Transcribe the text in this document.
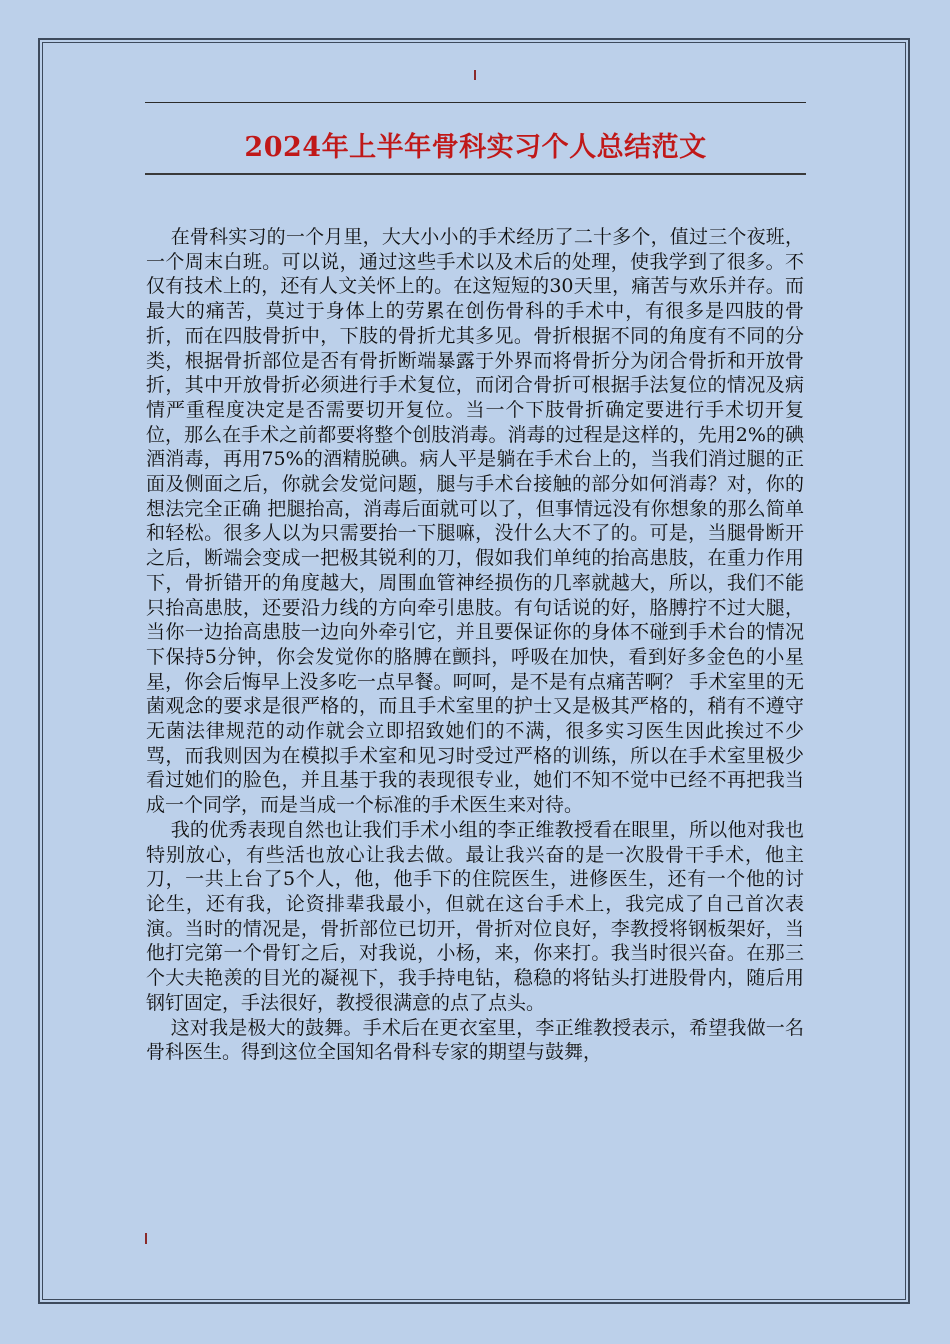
2024年上半年骨科实习个人总结范文

在骨科实习的一个月里，大大小小的手术经历了二十多个，值过三个夜班，一个周末白班。可以说，通过这些手术以及术后的处理，使我学到了很多。不仅有技术上的，还有人文关怀上的。在这短短的30天里，痛苦与欢乐并存。而最大的痛苦，莫过于身体上的劳累在创伤骨科的手术中，有很多是四肢的骨折，而在四肢骨折中，下肢的骨折尤其多见。骨折根据不同的角度有不同的分类，根据骨折部位是否有骨折断端暴露于外界而将骨折分为闭合骨折和开放骨折，其中开放骨折必须进行手术复位，而闭合骨折可根据手法复位的情况及病情严重程度决定是否需要切开复位。当一个下肢骨折确定要进行手术切开复位，那么在手术之前都要将整个创肢消毒。消毒的过程是这样的，先用2%的碘酒消毒，再用75%的酒精脱碘。病人平是躺在手术台上的，当我们消过腿的正面及侧面之后，你就会发觉问题，腿与手术台接触的部分如何消毒？对，你的想法完全正确 把腿抬高，消毒后面就可以了，但事情远没有你想象的那么简单和轻松。很多人以为只需要抬一下腿嘛，没什么大不了的。可是，当腿骨断开之后，断端会变成一把极其锐利的刀，假如我们单纯的抬高患肢，在重力作用下，骨折错开的角度越大，周围血管神经损伤的几率就越大，所以，我们不能只抬高患肢，还要沿力线的方向牵引患肢。有句话说的好，胳膊拧不过大腿，当你一边抬高患肢一边向外牵引它，并且要保证你的身体不碰到手术台的情况下保持5分钟，你会发觉你的胳膊在颤抖，呼吸在加快，看到好多金色的小星星，你会后悔早上没多吃一点早餐。呵呵，是不是有点痛苦啊？ 手术室里的无菌观念的要求是很严格的，而且手术室里的护士又是极其严格的，稍有不遵守无菌法律规范的动作就会立即招致她们的不满，很多实习医生因此挨过不少骂，而我则因为在模拟手术室和见习时受过严格的训练，所以在手术室里极少看过她们的脸色，并且基于我的表现很专业，她们不知不觉中已经不再把我当成一个同学，而是当成一个标准的手术医生来对待。

我的优秀表现自然也让我们手术小组的李正维教授看在眼里，所以他对我也特别放心，有些活也放心让我去做。最让我兴奋的是一次股骨干手术，他主刀，一共上台了5个人，他，他手下的住院医生，进修医生，还有一个他的讨论生，还有我，论资排辈我最小，但就在这台手术上，我完成了自己首次表演。当时的情况是，骨折部位已切开，骨折对位良好，李教授将钢板架好，当他打完第一个骨钉之后，对我说，小杨，来，你来打。我当时很兴奋。在那三个大夫艳羡的目光的凝视下，我手持电钻，稳稳的将钻头打进股骨内，随后用钢钉固定，手法很好，教授很满意的点了点头。

这对我是极大的鼓舞。手术后在更衣室里，李正维教授表示，希望我做一名骨科医生。得到这位全国知名骨科专家的期望与鼓舞，
